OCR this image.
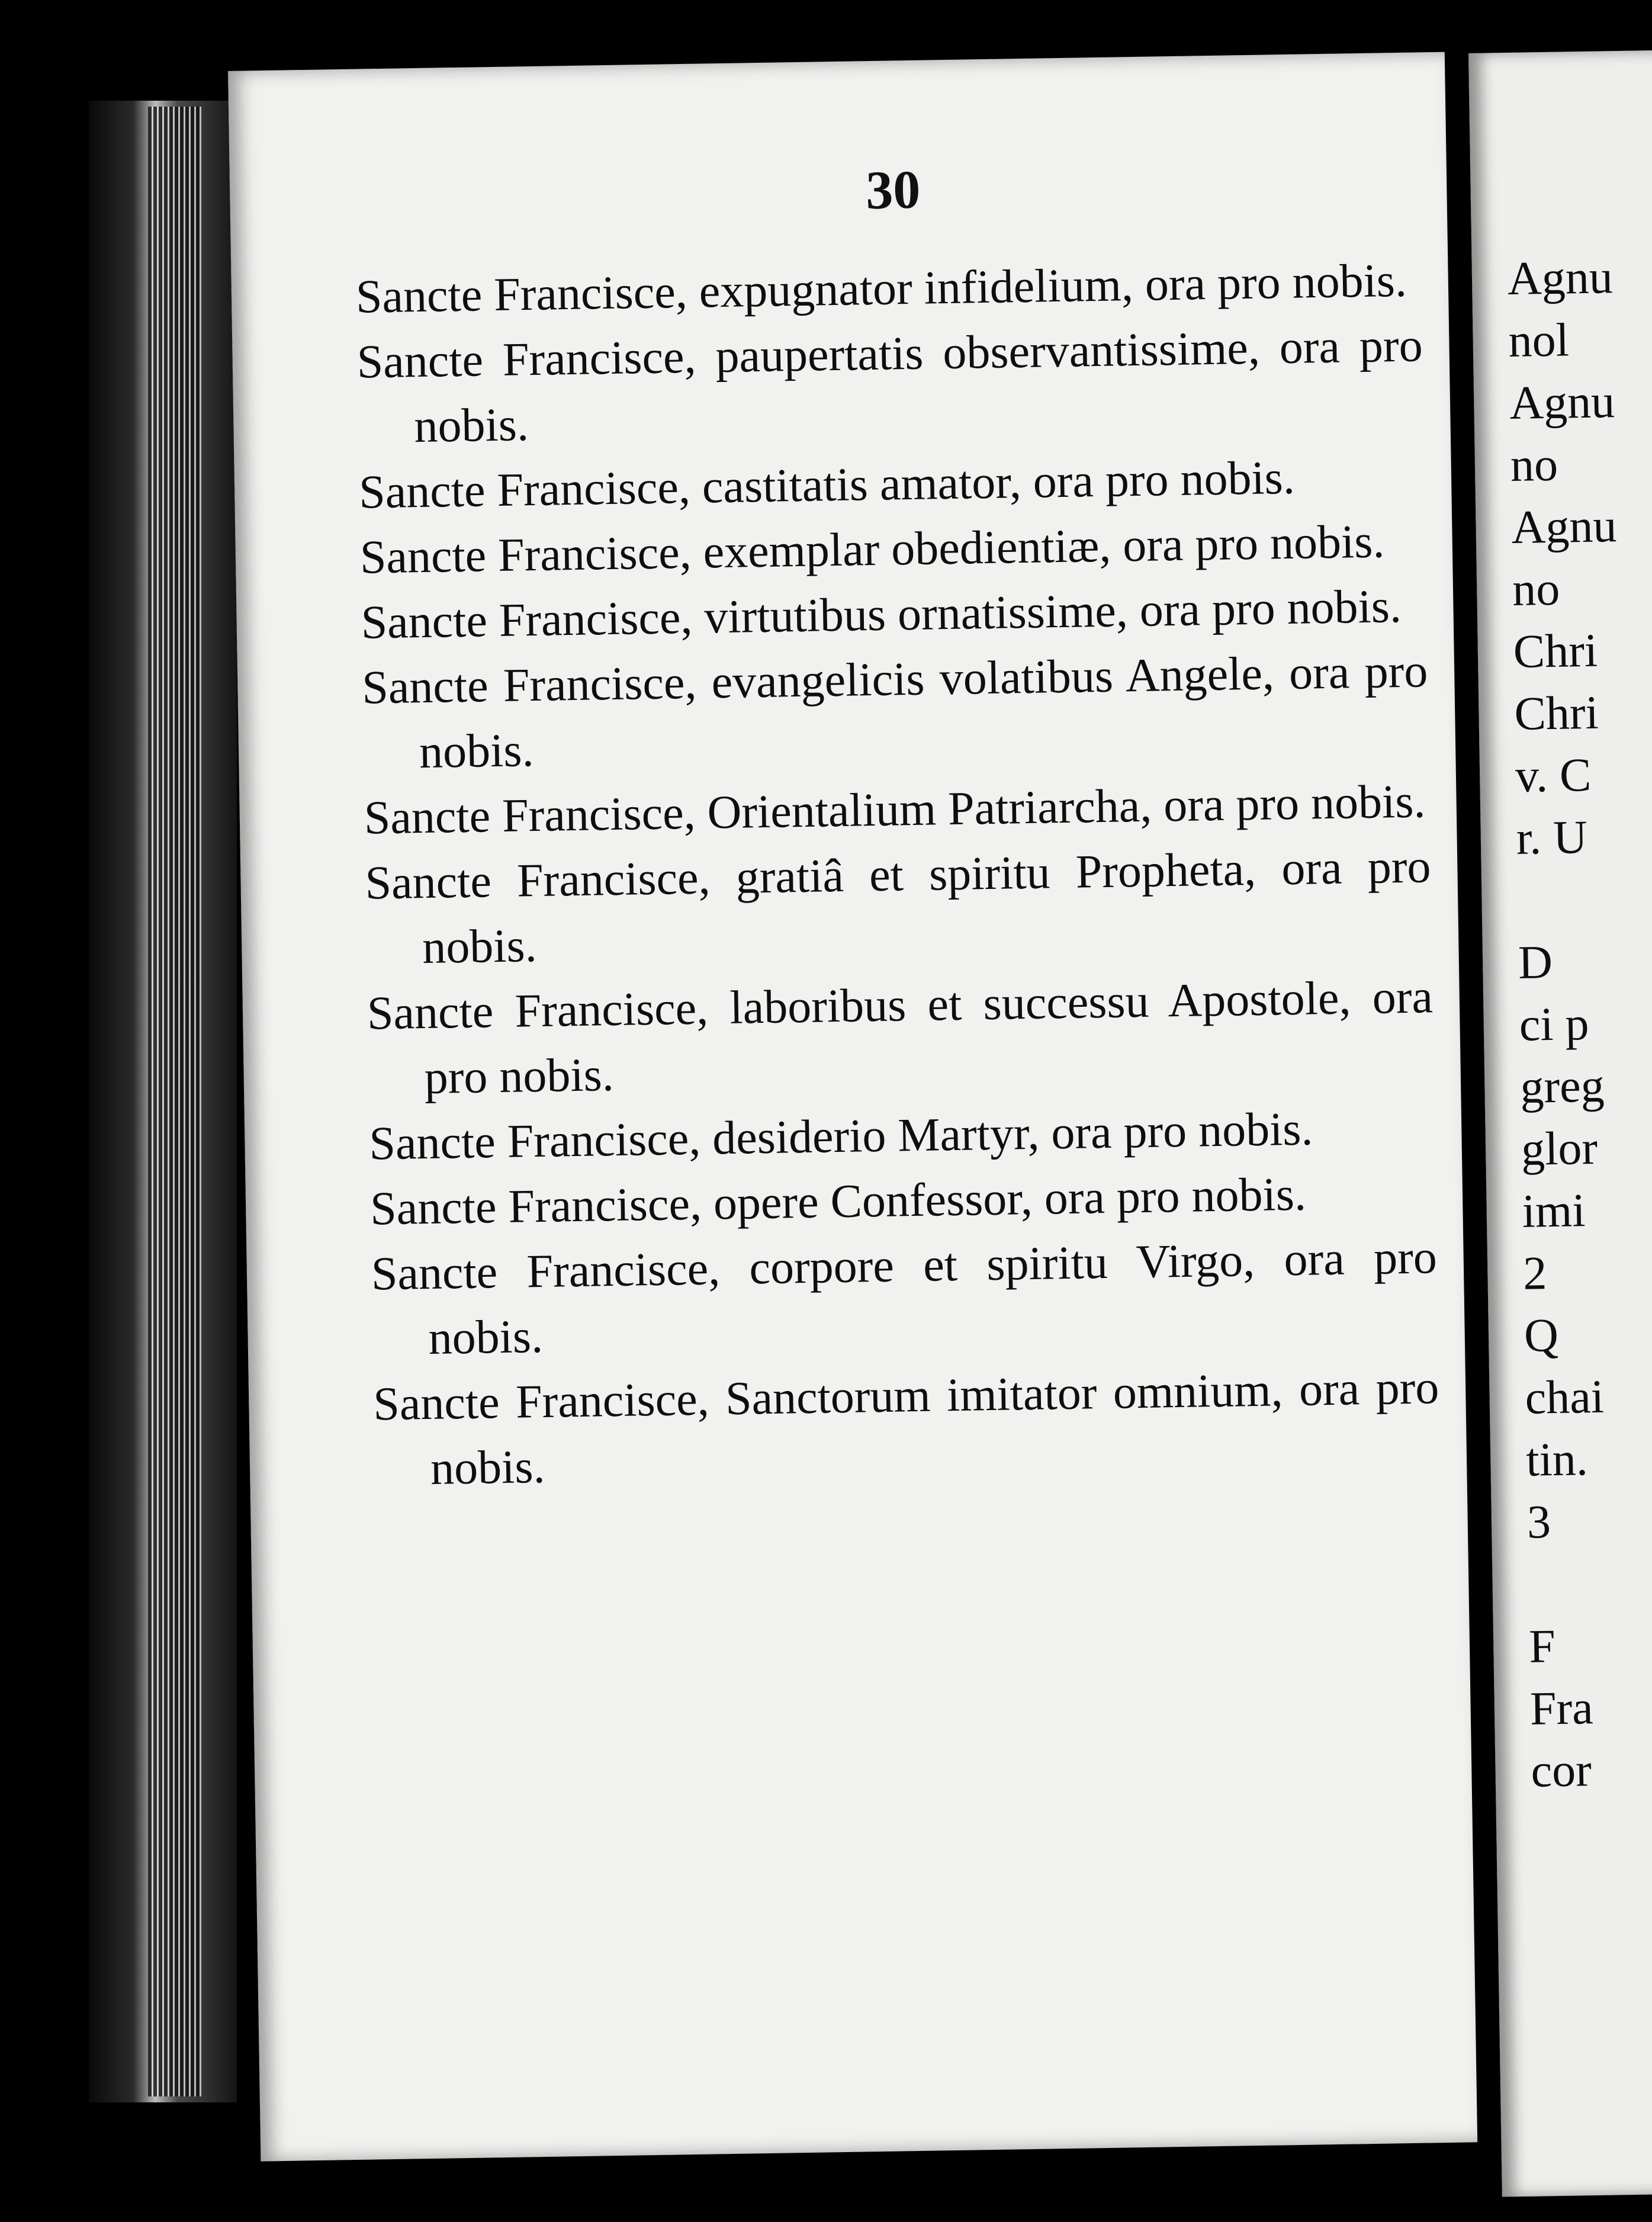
30

Sancte Francisce, expugnator infidelium, ora pro nobis.

Sancte Francisce, paupertatis observantissime, ora pro nobis.

Sancte Francisce, castitatis amator, ora pro nobis.

Sancte Francisce, exemplar obedientiæ, ora pro nobis.

Sancte Francisce, virtutibus ornatissime, ora pro nobis.

Sancte Francisce, evangelicis volatibus Angele, ora pro nobis.

Sancte Francisce, Orientalium Patriarcha, ora pro nobis.

Sancte Francisce, gratiâ et spiritu Propheta, ora pro nobis.

Sancte Francisce, laboribus et successu Apostole, ora pro nobis.

Sancte Francisce, desiderio Martyr, ora pro nobis.

Sancte Francisce, opere Confessor, ora pro nobis.

Sancte Francisce, corpore et spiritu Virgo, ora pro nobis.

Sancte Francisce, Sanctorum imitator omnium, ora pro nobis.

Agnu

nol

Agnu

no

Agnu

no

Chri

Chri

v. C

r. U

D

ci p

greg

glor

imi

2

Q

chai

tin.

3

F

Fra

cor
